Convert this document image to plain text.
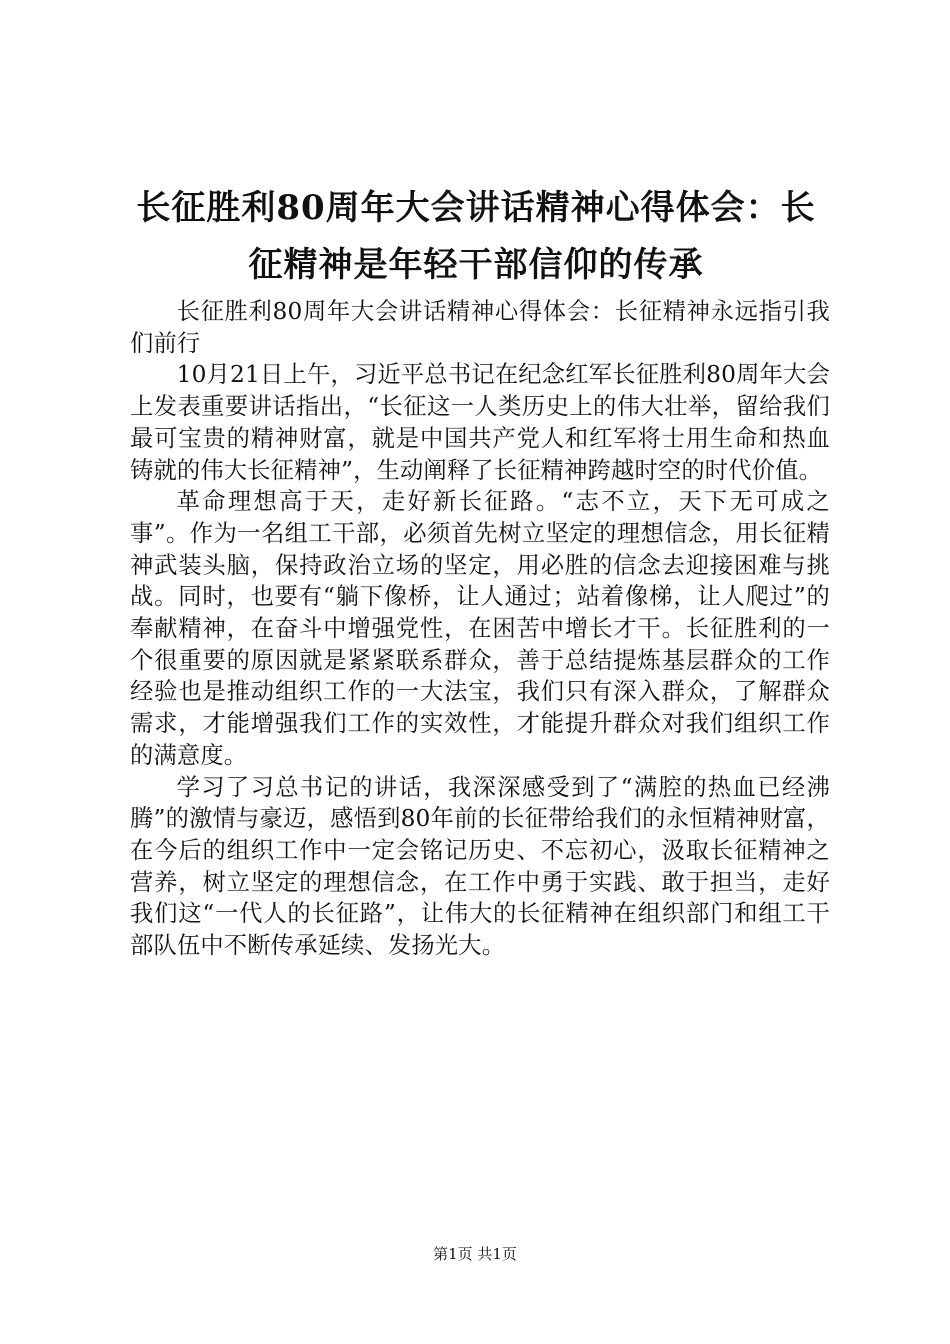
长征胜利80周年大会讲话精神心得体会：长征精神是年轻干部信仰的传承

长征胜利80周年大会讲话精神心得体会：长征精神永远指引我们前行

10月21日上午，习近平总书记在纪念红军长征胜利80周年大会上发表重要讲话指出，“长征这一人类历史上的伟大壮举，留给我们最可宝贵的精神财富，就是中国共产党人和红军将士用生命和热血铸就的伟大长征精神”，生动阐释了长征精神跨越时空的时代价值。

革命理想高于天，走好新长征路。“志不立，天下无可成之事”。作为一名组工干部，必须首先树立坚定的理想信念，用长征精神武装头脑，保持政治立场的坚定，用必胜的信念去迎接困难与挑战。同时，也要有“躺下像桥，让人通过；站着像梯，让人爬过”的奉献精神，在奋斗中增强党性，在困苦中增长才干。长征胜利的一个很重要的原因就是紧紧联系群众，善于总结提炼基层群众的工作经验也是推动组织工作的一大法宝，我们只有深入群众，了解群众需求，才能增强我们工作的实效性，才能提升群众对我们组织工作的满意度。

学习了习总书记的讲话，我深深感受到了“满腔的热血已经沸腾”的激情与豪迈，感悟到80年前的长征带给我们的永恒精神财富，在今后的组织工作中一定会铭记历史、不忘初心，汲取长征精神之营养，树立坚定的理想信念，在工作中勇于实践、敢于担当，走好我们这“一代人的长征路”，让伟大的长征精神在组织部门和组工干部队伍中不断传承延续、发扬光大。

第1页 共1页
